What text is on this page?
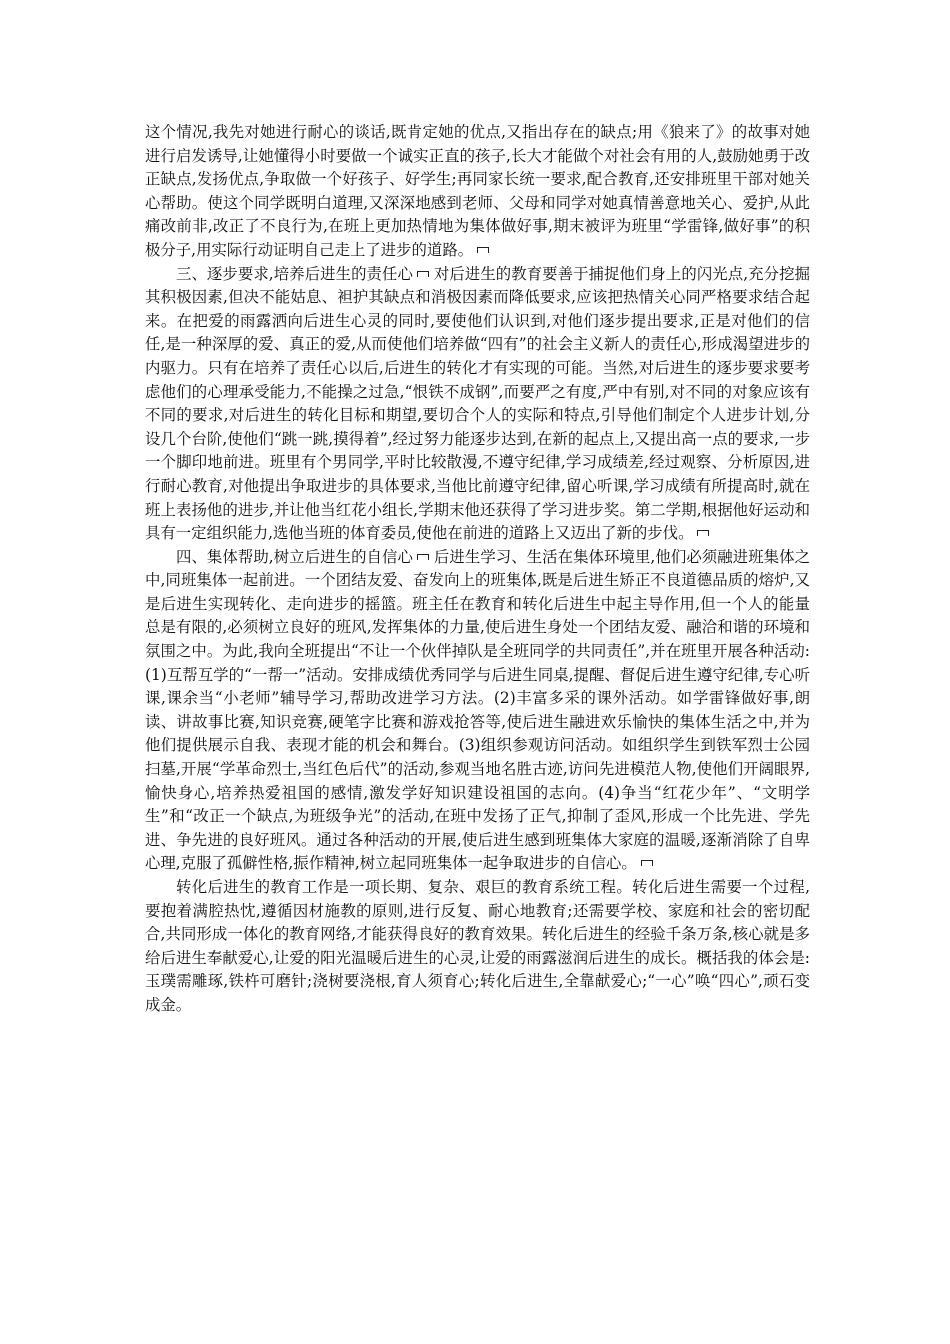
这个情况,我先对她进行耐心的谈话,既肯定她的优点,又指出存在的缺点;用《狼来了》的故事对她进行启发诱导,让她懂得小时要做一个诚实正直的孩子,长大才能做个对社会有用的人,鼓励她勇于改正缺点,发扬优点,争取做一个好孩子、好学生;再同家长统一要求,配合教育,还安排班里干部对她关心帮助。使这个同学既明白道理,又深深地感到老师、父母和同学对她真情善意地关心、爱护,从此痛改前非,改正了不良行为,在班上更加热情地为集体做好事,期末被评为班里“学雷锋,做好事”的积极分子,用实际行动证明自己走上了进步的道路。

三、逐步要求,培养后进生的责任心 对后进生的教育要善于捕捉他们身上的闪光点,充分挖掘其积极因素,但决不能姑息、袒护其缺点和消极因素而降低要求,应该把热情关心同严格要求结合起来。在把爱的雨露洒向后进生心灵的同时,要使他们认识到,对他们逐步提出要求,正是对他们的信任,是一种深厚的爱、真正的爱,从而使他们培养做“四有”的社会主义新人的责任心,形成渴望进步的内驱力。只有在培养了责任心以后,后进生的转化才有实现的可能。当然,对后进生的逐步要求要考虑他们的心理承受能力,不能操之过急,“恨铁不成钢”,而要严之有度,严中有别,对不同的对象应该有不同的要求,对后进生的转化目标和期望,要切合个人的实际和特点,引导他们制定个人进步计划,分设几个台阶,使他们“跳一跳,摸得着”,经过努力能逐步达到,在新的起点上,又提出高一点的要求,一步一个脚印地前进。班里有个男同学,平时比较散漫,不遵守纪律,学习成绩差,经过观察、分析原因,进行耐心教育,对他提出争取进步的具体要求,当他比前遵守纪律,留心听课,学习成绩有所提高时,就在班上表扬他的进步,并让他当红花小组长,学期末他还获得了学习进步奖。第二学期,根据他好运动和具有一定组织能力,选他当班的体育委员,使他在前进的道路上又迈出了新的步伐。

四、集体帮助,树立后进生的自信心 后进生学习、生活在集体环境里,他们必须融进班集体之中,同班集体一起前进。一个团结友爱、奋发向上的班集体,既是后进生矫正不良道德品质的熔炉,又是后进生实现转化、走向进步的摇篮。班主任在教育和转化后进生中起主导作用,但一个人的能量总是有限的,必须树立良好的班风,发挥集体的力量,使后进生身处一个团结友爱、融洽和谐的环境和氛围之中。为此,我向全班提出“不让一个伙伴掉队是全班同学的共同责任”,并在班里开展各种活动:(1)互帮互学的“一帮一”活动。安排成绩优秀同学与后进生同桌,提醒、督促后进生遵守纪律,专心听课,课余当“小老师”辅导学习,帮助改进学习方法。(2)丰富多采的课外活动。如学雷锋做好事,朗读、讲故事比赛,知识竞赛,硬笔字比赛和游戏抢答等,使后进生融进欢乐愉快的集体生活之中,并为他们提供展示自我、表现才能的机会和舞台。(3)组织参观访问活动。如组织学生到铁军烈士公园扫墓,开展“学革命烈士,当红色后代”的活动,参观当地名胜古迹,访问先进模范人物,使他们开阔眼界,愉快身心,培养热爱祖国的感情,激发学好知识建设祖国的志向。(4)争当“红花少年”、“文明学生”和“改正一个缺点,为班级争光”的活动,在班中发扬了正气,抑制了歪风,形成一个比先进、学先进、争先进的良好班风。通过各种活动的开展,使后进生感到班集体大家庭的温暖,逐渐消除了自卑心理,克服了孤僻性格,振作精神,树立起同班集体一起争取进步的自信心。

转化后进生的教育工作是一项长期、复杂、艰巨的教育系统工程。转化后进生需要一个过程,要抱着满腔热忱,遵循因材施教的原则,进行反复、耐心地教育;还需要学校、家庭和社会的密切配合,共同形成一体化的教育网络,才能获得良好的教育效果。转化后进生的经验千条万条,核心就是多给后进生奉献爱心,让爱的阳光温暖后进生的心灵,让爱的雨露滋润后进生的成长。概括我的体会是:玉璞需雕琢,铁杵可磨针;浇树要浇根,育人须育心;转化后进生,全靠献爱心;“一心”唤“四心”,顽石变成金。
